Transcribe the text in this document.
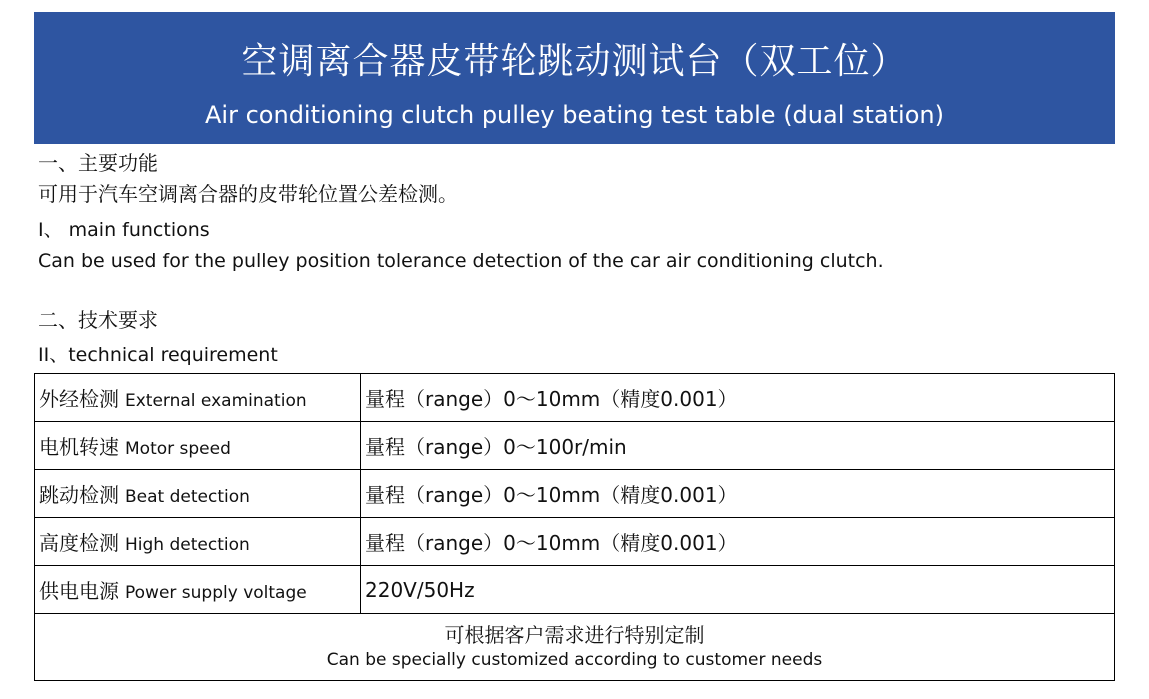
空调离合器皮带轮跳动测试台（双工位）
Air conditioning clutch pulley beating test table (dual station)
一、主要功能
可用于汽车空调离合器的皮带轮位置公差检测。
I、 main functions
Can be used for the pulley position tolerance detection of the car air conditioning clutch.
二、技术要求
II、technical requirement
外经检测 External examination	量程（range）0～10mm（精度0.001）
电机转速 Motor speed	量程（range）0～100r/min
跳动检测 Beat detection	量程（range）0～10mm（精度0.001）
高度检测 High detection	量程（range）0～10mm（精度0.001）
供电电源 Power supply voltage	220V/50Hz

可根据客户需求进行特别定制
Can be specially customized according to customer needs	
